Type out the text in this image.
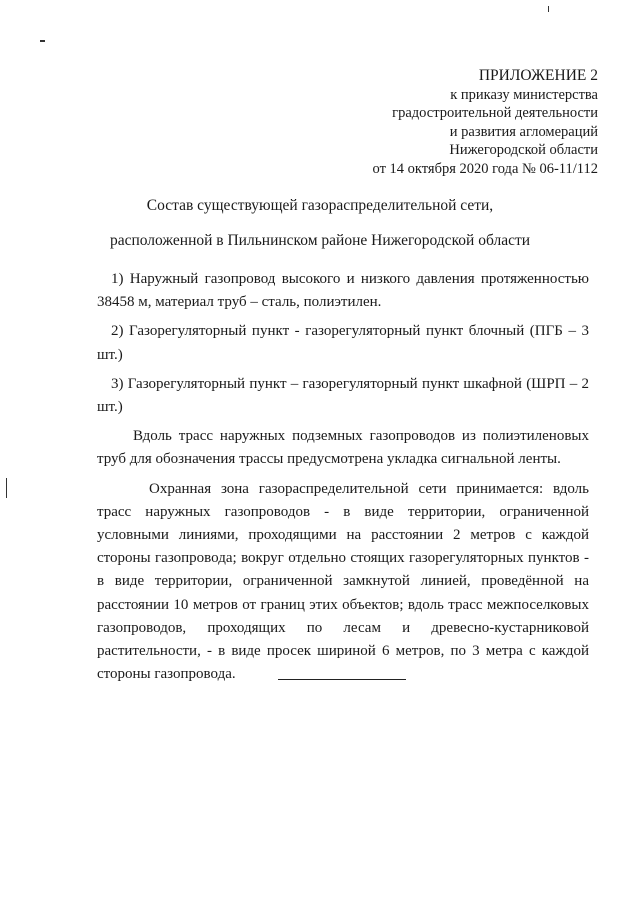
ПРИЛОЖЕНИЕ 2
к приказу министерства
градостроительной деятельности
и развития агломераций
Нижегородской области
от 14 октября 2020 года № 06-11/112
Состав существующей газораспределительной сети,
расположенной в Пильнинском районе Нижегородской области

1) Наружный газопровод высокого и низкого давления протяженностью 38458 м, материал труб – сталь, полиэтилен.

2) Газорегуляторный пункт - газорегуляторный пункт блочный (ПГБ – 3 шт.)

3) Газорегуляторный пункт – газорегуляторный пункт шкафной (ШРП – 2 шт.)

Вдоль трасс наружных подземных газопроводов из полиэтиленовых труб для обозначения трассы предусмотрена укладка сигнальной ленты.

Охранная зона газораспределительной сети принимается: вдоль трасс наружных газопроводов - в виде территории, ограниченной условными линиями, проходящими на расстоянии 2 метров с каждой стороны газопровода; вокруг отдельно стоящих газорегуляторных пунктов - в виде территории, ограниченной замкнутой линией, проведённой на расстоянии 10 метров от границ этих объектов; вдоль трасс межпоселковых газопроводов, проходящих по лесам и древесно-кустарниковой растительности, - в виде просек шириной 6 метров, по 3 метра с каждой стороны газопровода.
